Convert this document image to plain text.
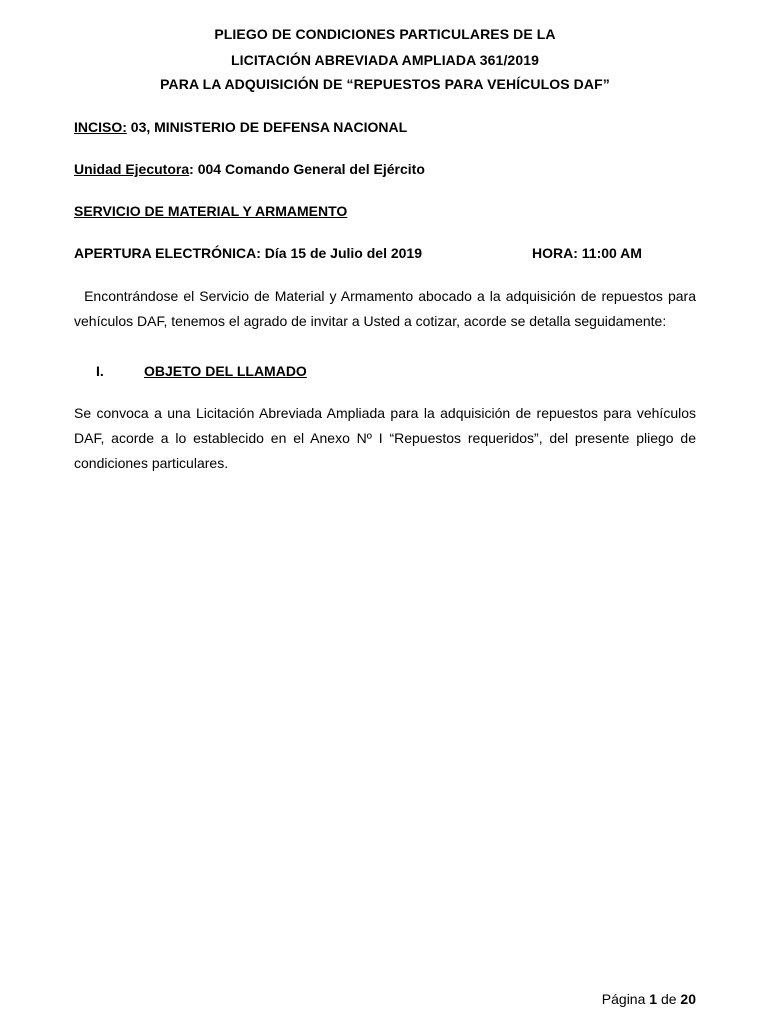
PLIEGO DE CONDICIONES PARTICULARES DE LA
LICITACIÓN ABREVIADA AMPLIADA 361/2019
PARA LA ADQUISICIÓN DE “REPUESTOS PARA VEHÍCULOS DAF”
INCISO: 03, MINISTERIO DE DEFENSA NACIONAL
Unidad Ejecutora: 004 Comando General del Ejército
SERVICIO DE MATERIAL Y ARMAMENTO
APERTURA ELECTRÓNICA: Día 15 de Julio del 2019	HORA: 11:00 AM
Encontrándose el Servicio de Material y Armamento abocado a la adquisición de repuestos para vehículos DAF, tenemos el agrado de invitar a Usted a cotizar, acorde se detalla seguidamente:
I.	OBJETO DEL LLAMADO
Se convoca a una Licitación Abreviada Ampliada para la adquisición de repuestos para vehículos DAF, acorde a lo establecido en el Anexo Nº I “Repuestos requeridos”, del presente pliego de condiciones particulares.
Página 1 de 20
